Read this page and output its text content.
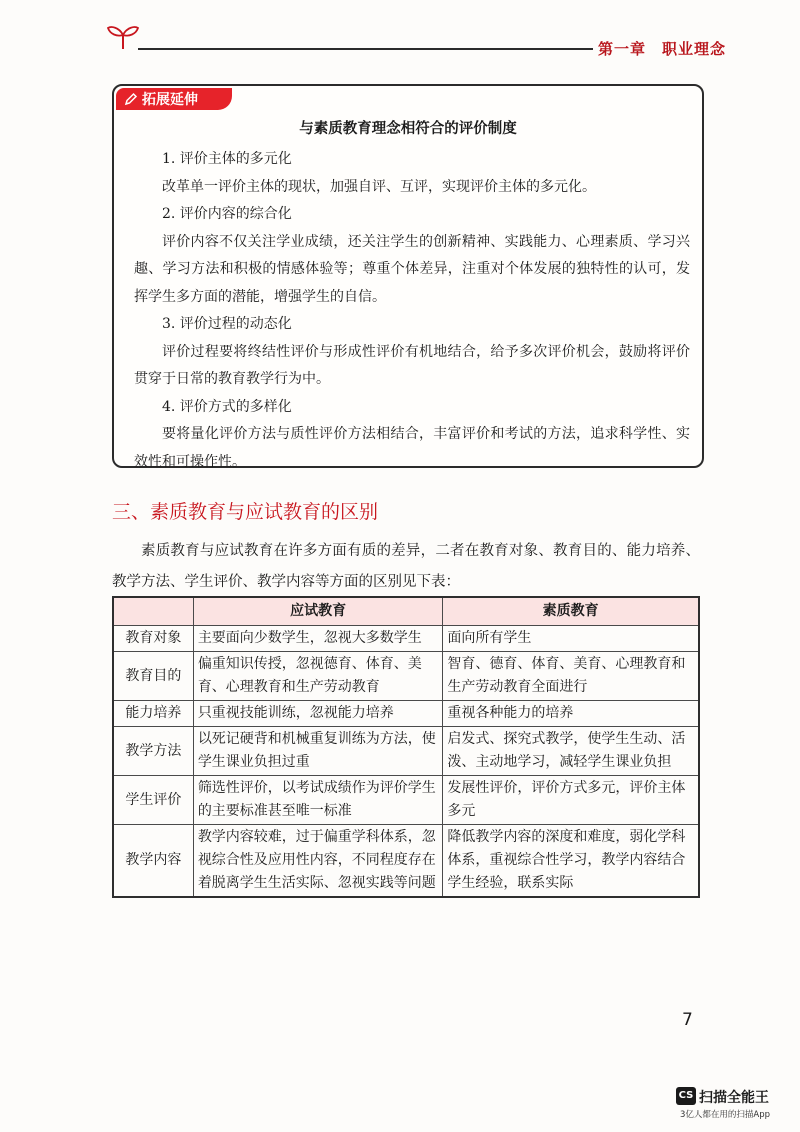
第一章　职业理念
拓展延伸
与素质教育理念相符合的评价制度

1. 评价主体的多元化

改革单一评价主体的现状，加强自评、互评，实现评价主体的多元化。

2. 评价内容的综合化

评价内容不仅关注学业成绩，还关注学生的创新精神、实践能力、心理素质、学习兴趣、学习方法和积极的情感体验等；尊重个体差异，注重对个体发展的独特性的认可，发挥学生多方面的潜能，增强学生的自信。

3. 评价过程的动态化

评价过程要将终结性评价与形成性评价有机地结合，给予多次评价机会，鼓励将评价贯穿于日常的教育教学行为中。

4. 评价方式的多样化

要将量化评价方法与质性评价方法相结合，丰富评价和考试的方法，追求科学性、实效性和可操作性。

三、素质教育与应试教育的区别

素质教育与应试教育在许多方面有质的差异，二者在教育对象、教育目的、能力培养、教学方法、学生评价、教学内容等方面的区别见下表：

	应试教育	素质教育
教育对象	主要面向少数学生，忽视大多数学生	面向所有学生
教育目的	偏重知识传授，忽视德育、体育、美育、心理教育和生产劳动教育	智育、德育、体育、美育、心理教育和生产劳动教育全面进行
能力培养	只重视技能训练，忽视能力培养	重视各种能力的培养
教学方法	以死记硬背和机械重复训练为方法，使学生课业负担过重	启发式、探究式教学，使学生生动、活泼、主动地学习，减轻学生课业负担
学生评价	筛选性评价，以考试成绩作为评价学生的主要标准甚至唯一标准	发展性评价，评价方式多元，评价主体多元
教学内容	教学内容较难，过于偏重学科体系，忽视综合性及应用性内容，不同程度存在着脱离学生生活实际、忽视实践等问题	降低教学内容的深度和难度，弱化学科体系，重视综合性学习，教学内容结合学生经验，联系实际
7
CS 扫描全能王
3亿人都在用的扫描App
